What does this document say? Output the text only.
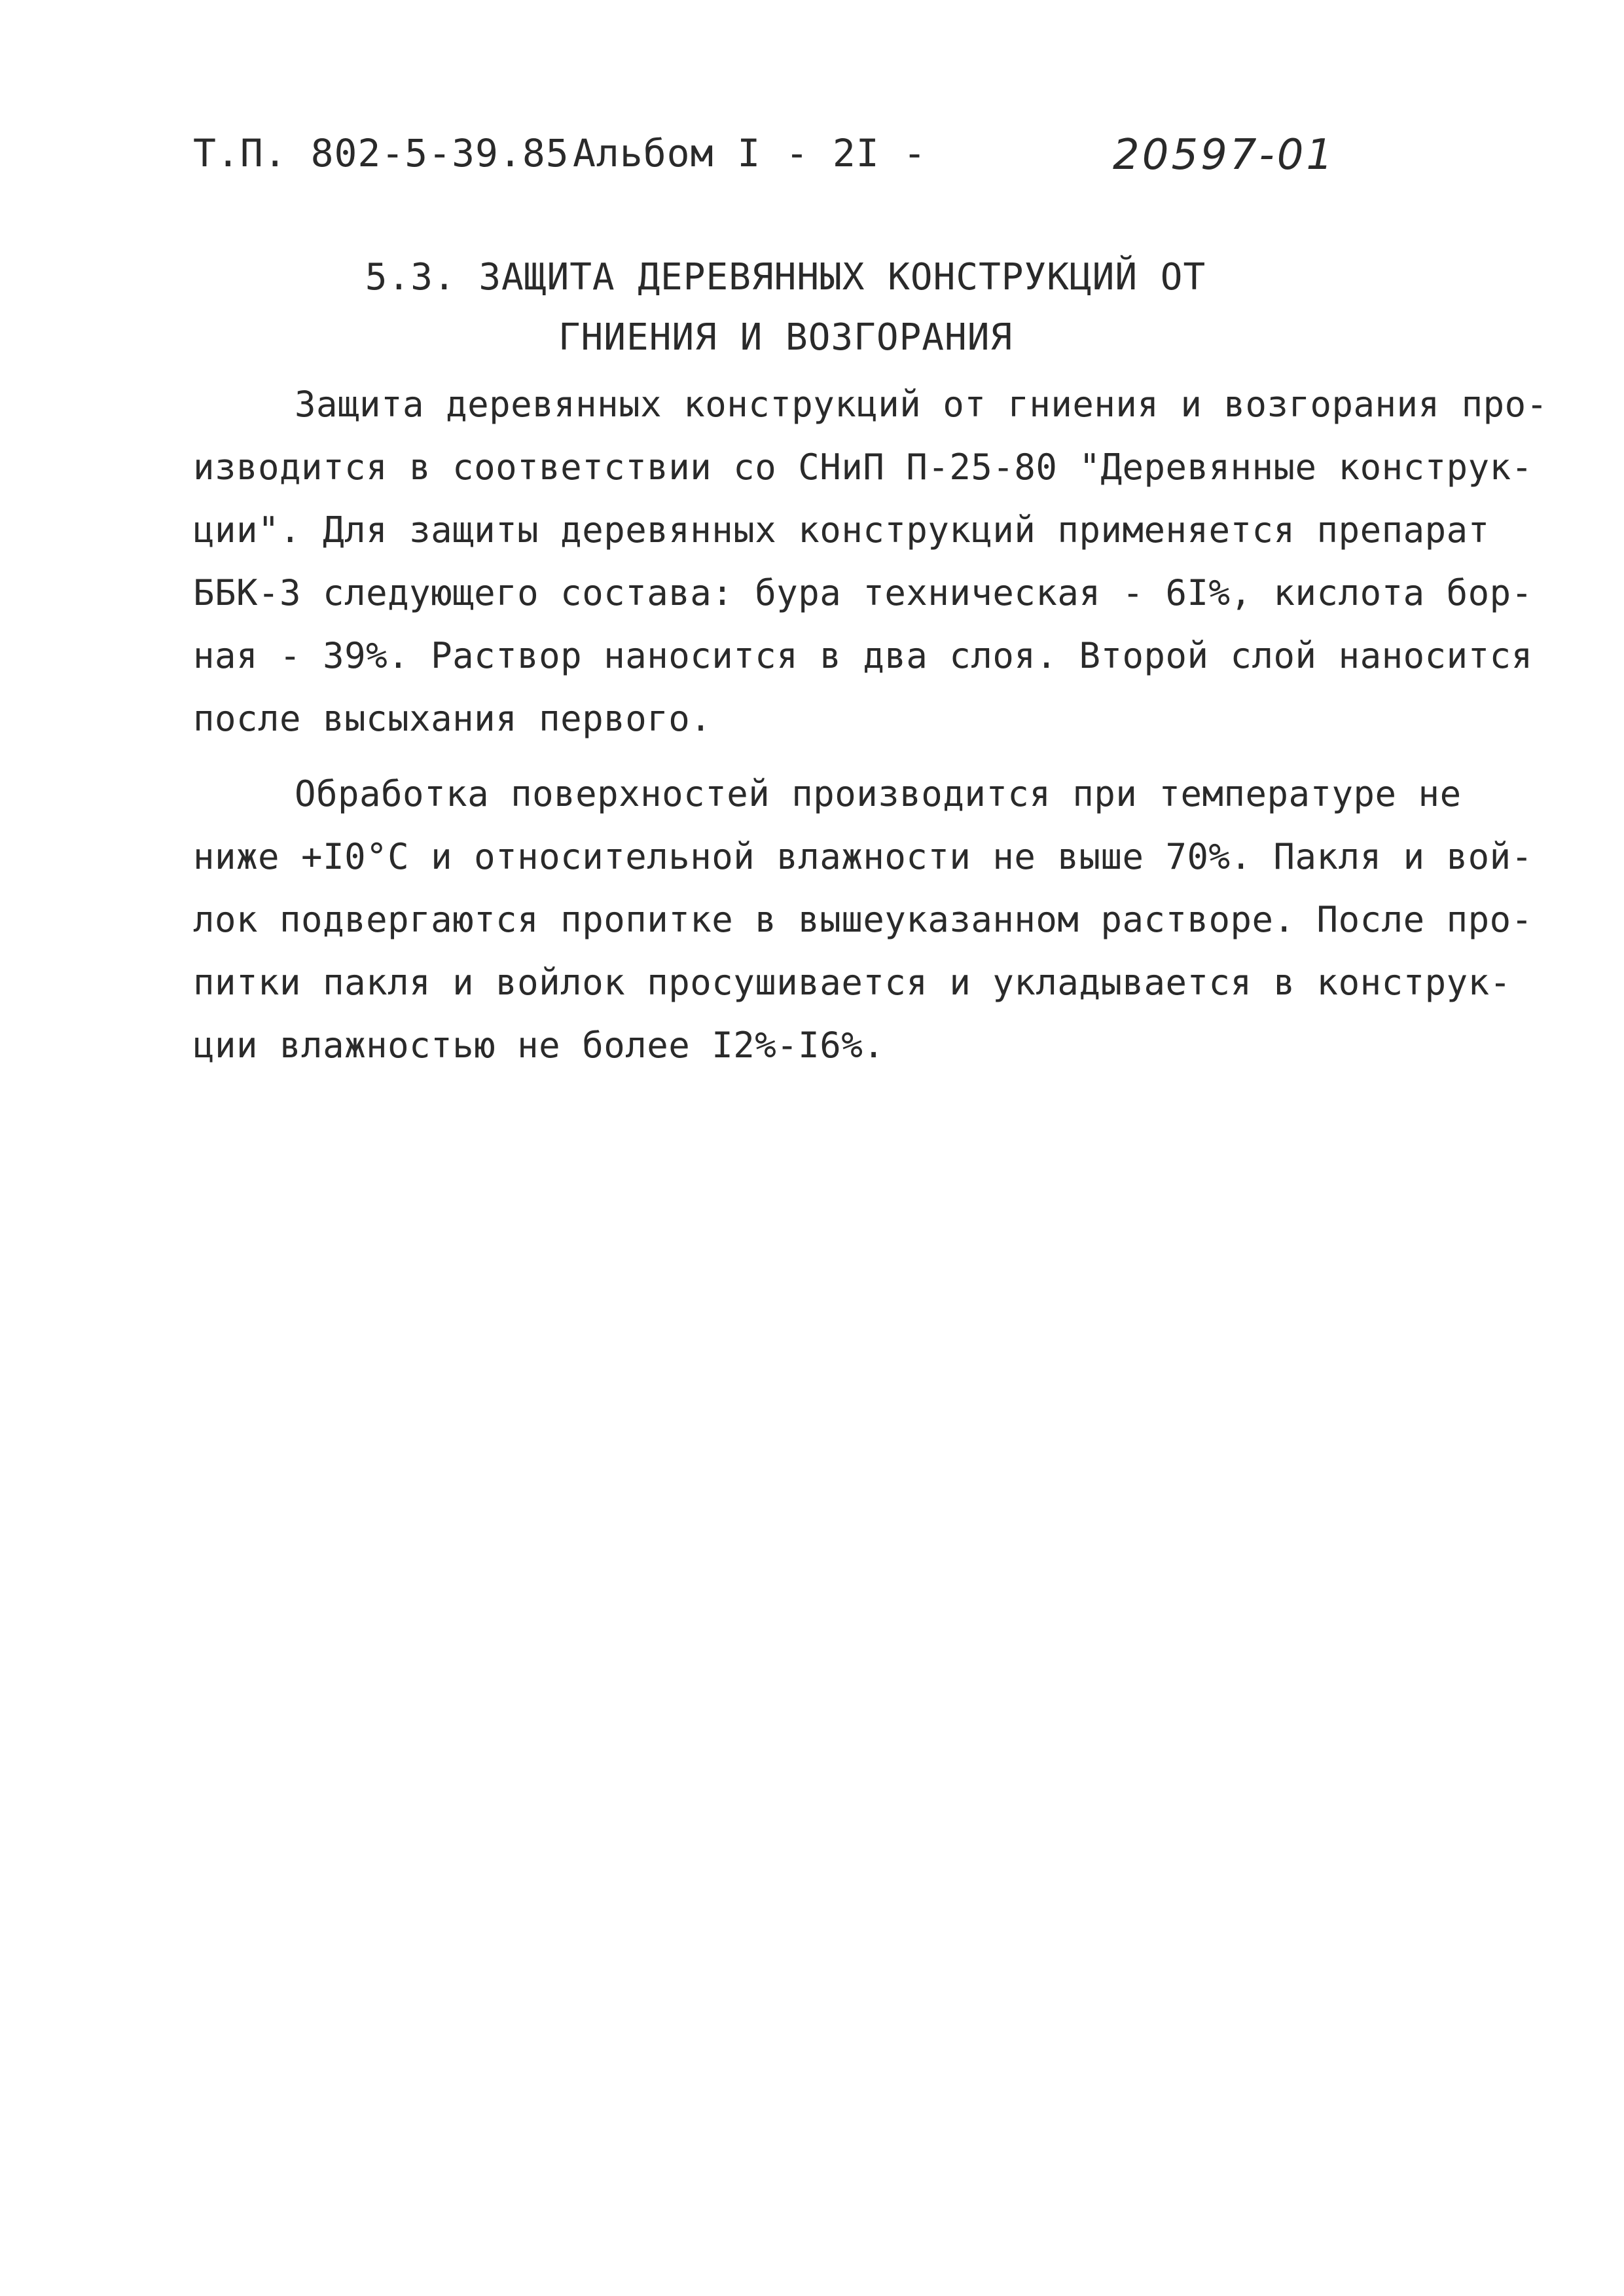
Т.П. 802-5-39.85 Альбом I - 2I -	20597-01
5.3. ЗАЩИТА ДЕРЕВЯННЫХ КОНСТРУКЦИЙ ОТ
ГНИЕНИЯ И ВОЗГОРАНИЯ
Защита деревянных конструкций от гниения и возгорания про-
изводится в соответствии со СНиП П-25-80 "Деревянные конструк-
ции". Для защиты деревянных конструкций применяется препарат
ББК-3 следующего состава: бура техническая - 6I%, кислота бор-
ная - 39%. Раствор наносится в два слоя. Второй слой наносится
после высыхания первого.
Обработка поверхностей производится при температуре не
ниже +I0°С и относительной влажности не выше 70%. Пакля и вой-
лок подвергаются пропитке в вышеуказанном растворе. После про-
питки пакля и войлок просушивается и укладывается в конструк-
ции влажностью не более I2%-I6%.
